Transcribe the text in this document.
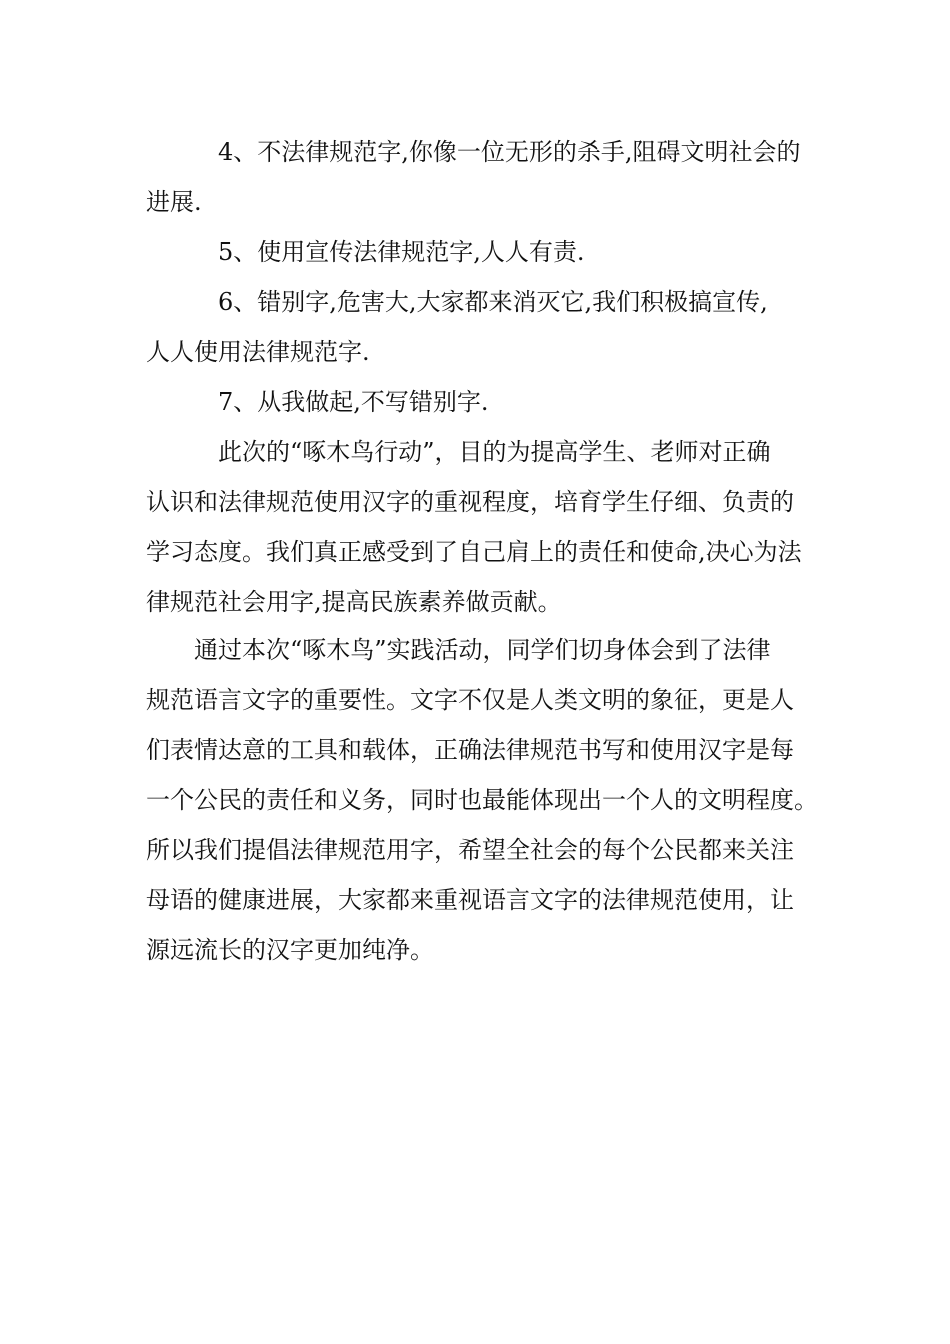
4、不法律规范字,你像一位无形的杀手,阻碍文明社会的
进展.
5、使用宣传法律规范字,人人有责.
6、错别字,危害大,大家都来消灭它,我们积极搞宣传,
人人使用法律规范字.
7、从我做起,不写错别字.
此次的“啄木鸟行动”，目的为提高学生、老师对正确
认识和法律规范使用汉字的重视程度，培育学生仔细、负责的
学习态度。我们真正感受到了自己肩上的责任和使命,决心为法
律规范社会用字,提高民族素养做贡献。
通过本次“啄木鸟”实践活动，同学们切身体会到了法律
规范语言文字的重要性。文字不仅是人类文明的象征，更是人
们表情达意的工具和载体，正确法律规范书写和使用汉字是每
一个公民的责任和义务，同时也最能体现出一个人的文明程度。
所以我们提倡法律规范用字，希望全社会的每个公民都来关注
母语的健康进展，大家都来重视语言文字的法律规范使用，让
源远流长的汉字更加纯净。
